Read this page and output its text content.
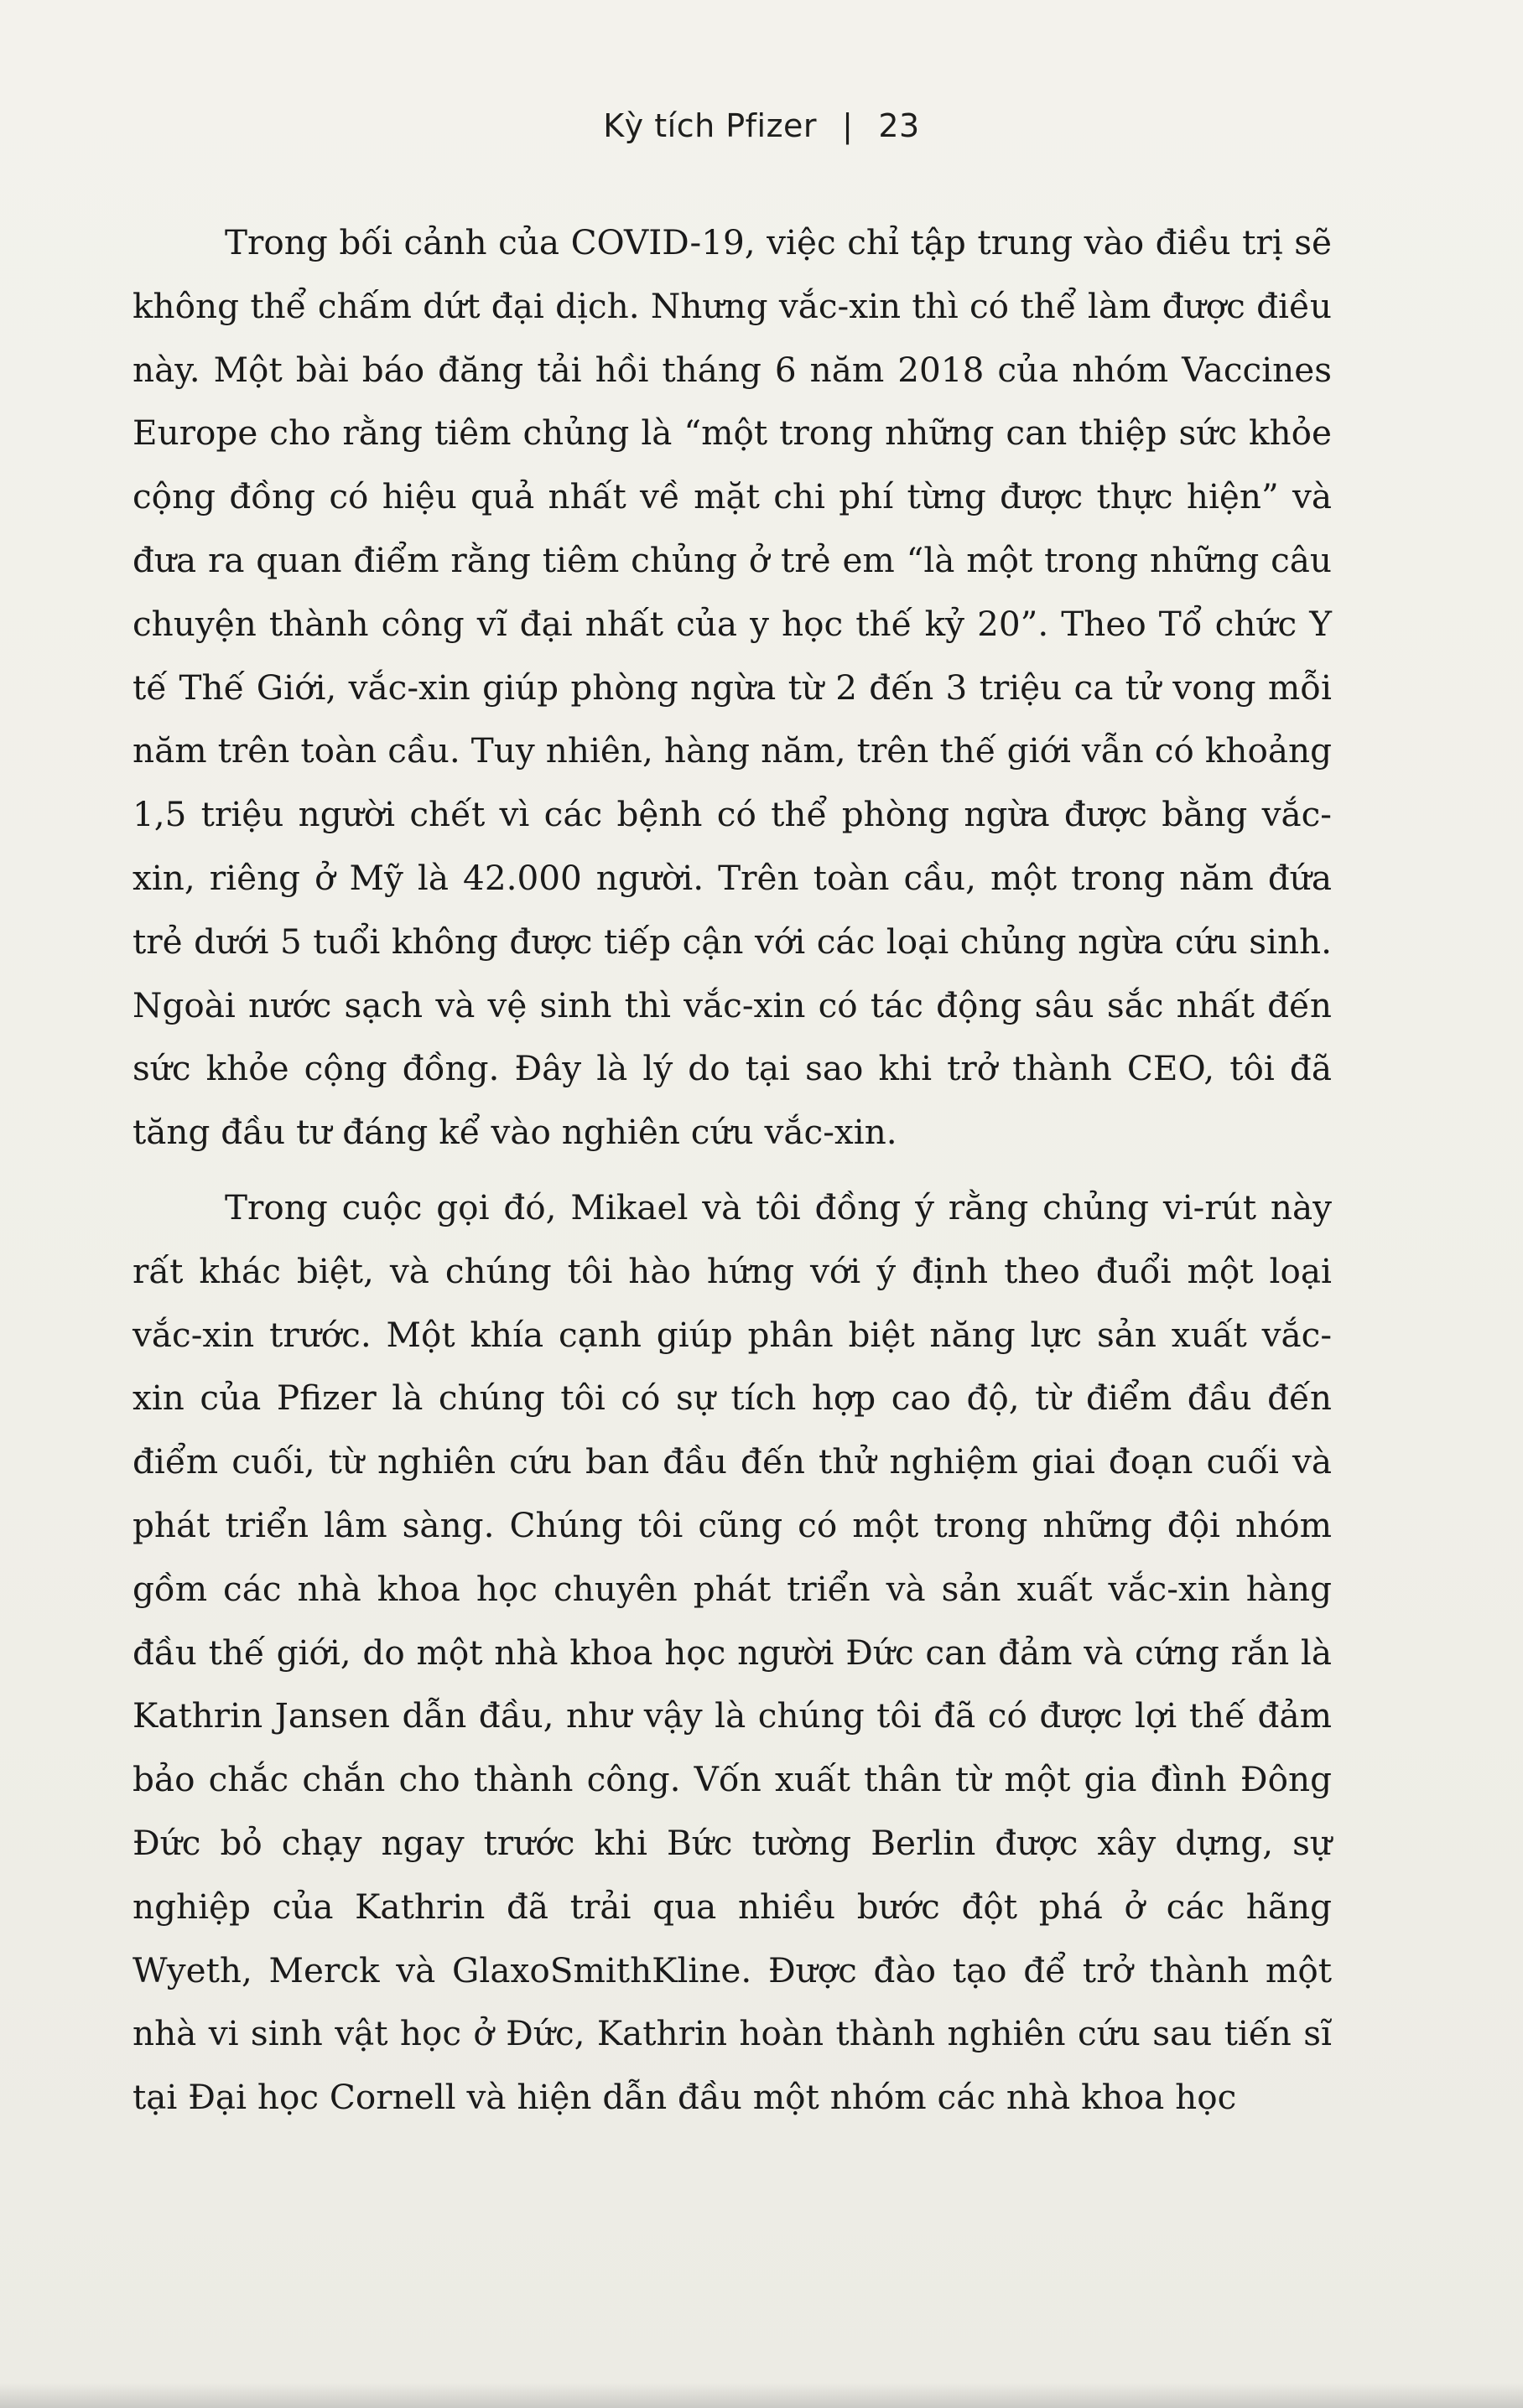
Kỳ tích Pfizer | 23

Trong bối cảnh của COVID-19, việc chỉ tập trung vào điều trị sẽ không thể chấm dứt đại dịch. Nhưng vắc-xin thì có thể làm được điều này. Một bài báo đăng tải hồi tháng 6 năm 2018 của nhóm Vaccines Europe cho rằng tiêm chủng là “một trong những can thiệp sức khỏe cộng đồng có hiệu quả nhất về mặt chi phí từng được thực hiện” và đưa ra quan điểm rằng tiêm chủng ở trẻ em “là một trong những câu chuyện thành công vĩ đại nhất của y học thế kỷ 20”. Theo Tổ chức Y tế Thế Giới, vắc-xin giúp phòng ngừa từ 2 đến 3 triệu ca tử vong mỗi năm trên toàn cầu. Tuy nhiên, hàng năm, trên thế giới vẫn có khoảng 1,5 triệu người chết vì các bệnh có thể phòng ngừa được bằng vắc-xin, riêng ở Mỹ là 42.000 người. Trên toàn cầu, một trong năm đứa trẻ dưới 5 tuổi không được tiếp cận với các loại chủng ngừa cứu sinh. Ngoài nước sạch và vệ sinh thì vắc-xin có tác động sâu sắc nhất đến sức khỏe cộng đồng. Đây là lý do tại sao khi trở thành CEO, tôi đã tăng đầu tư đáng kể vào nghiên cứu vắc-xin.

Trong cuộc gọi đó, Mikael và tôi đồng ý rằng chủng vi-rút này rất khác biệt, và chúng tôi hào hứng với ý định theo đuổi một loại vắc-xin trước. Một khía cạnh giúp phân biệt năng lực sản xuất vắc-xin của Pfizer là chúng tôi có sự tích hợp cao độ, từ điểm đầu đến điểm cuối, từ nghiên cứu ban đầu đến thử nghiệm giai đoạn cuối và phát triển lâm sàng. Chúng tôi cũng có một trong những đội nhóm gồm các nhà khoa học chuyên phát triển và sản xuất vắc-xin hàng đầu thế giới, do một nhà khoa học người Đức can đảm và cứng rắn là Kathrin Jansen dẫn đầu, như vậy là chúng tôi đã có được lợi thế đảm bảo chắc chắn cho thành công. Vốn xuất thân từ một gia đình Đông Đức bỏ chạy ngay trước khi Bức tường Berlin được xây dựng, sự nghiệp của Kathrin đã trải qua nhiều bước đột phá ở các hãng Wyeth, Merck và GlaxoSmithKline. Được đào tạo để trở thành một nhà vi sinh vật học ở Đức, Kathrin hoàn thành nghiên cứu sau tiến sĩ tại Đại học Cornell và hiện dẫn đầu một nhóm các nhà khoa học
